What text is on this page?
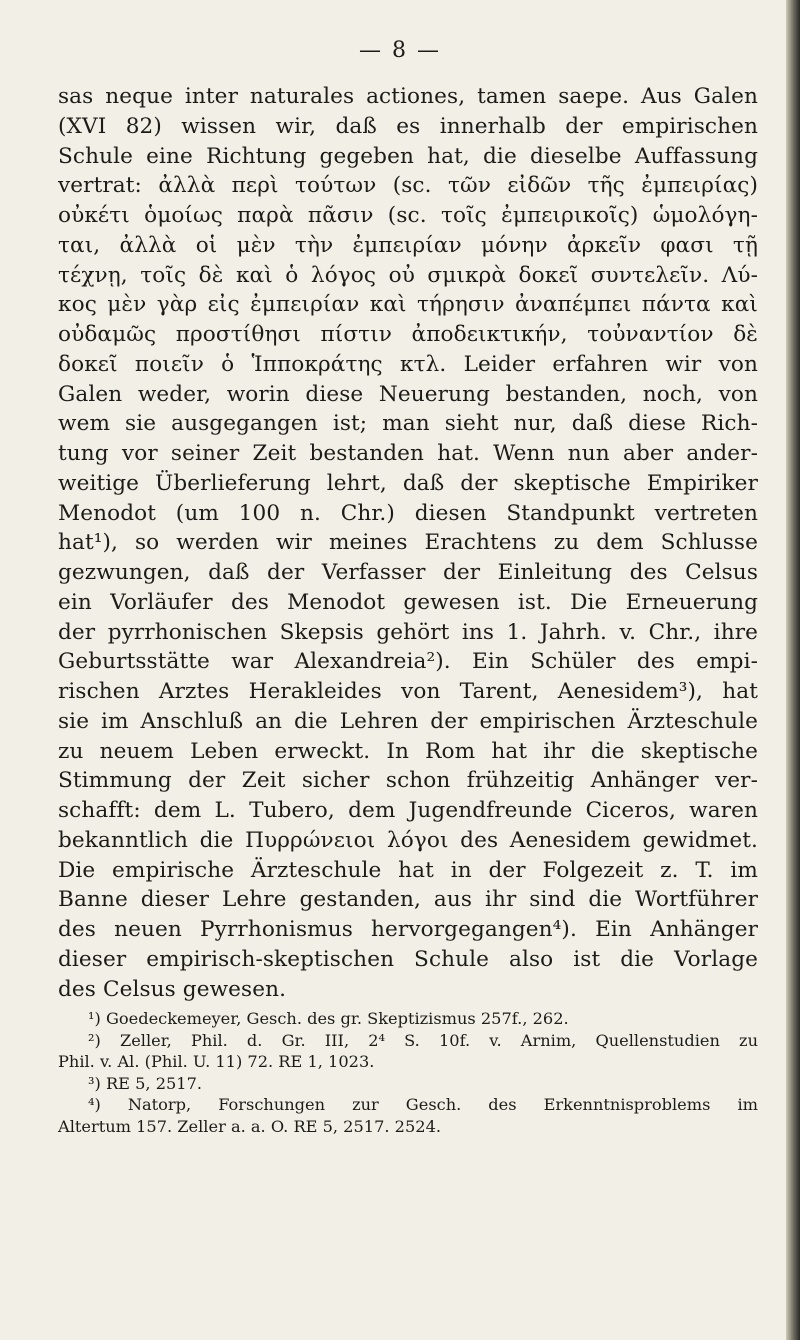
— 8 —
sas neque inter naturales actiones, tamen saepe. Aus Galen
(XVI 82) wissen wir, daß es innerhalb der empirischen
Schule eine Richtung gegeben hat, die dieselbe Auffassung
vertrat: ἀλλὰ περὶ τούτων (sc. τῶν εἰδῶν τῆς ἐμπειρίας)
οὐκέτι ὁμοίως παρὰ πᾶσιν (sc. τοῖς ἐμπειρικοῖς) ὡμολόγη-
ται, ἀλλὰ οἱ μὲν τὴν ἐμπειρίαν μόνην ἀρκεῖν φασι τῇ
τέχνῃ, τοῖς δὲ καὶ ὁ λόγος οὐ σμικρὰ δοκεῖ συντελεῖν. Λύ-
κος μὲν γὰρ εἰς ἐμπειρίαν καὶ τήρησιν ἀναπέμπει πάντα καὶ
οὐδαμῶς προστίθησι πίστιν ἀποδεικτικήν, τοὐναντίον δὲ
δοκεῖ ποιεῖν ὁ Ἱπποκράτης κτλ. Leider erfahren wir von
Galen weder, worin diese Neuerung bestanden, noch, von
wem sie ausgegangen ist; man sieht nur, daß diese Rich-
tung vor seiner Zeit bestanden hat. Wenn nun aber ander-
weitige Überlieferung lehrt, daß der skeptische Empiriker
Menodot (um 100 n. Chr.) diesen Standpunkt vertreten
hat¹), so werden wir meines Erachtens zu dem Schlusse
gezwungen, daß der Verfasser der Einleitung des Celsus
ein Vorläufer des Menodot gewesen ist. Die Erneuerung
der pyrrhonischen Skepsis gehört ins 1. Jahrh. v. Chr., ihre
Geburtsstätte war Alexandreia²). Ein Schüler des empi-
rischen Arztes Herakleides von Tarent, Aenesidem³), hat
sie im Anschluß an die Lehren der empirischen Ärzteschule
zu neuem Leben erweckt. In Rom hat ihr die skeptische
Stimmung der Zeit sicher schon frühzeitig Anhänger ver-
schafft: dem L. Tubero, dem Jugendfreunde Ciceros, waren
bekanntlich die Πυρρώνειοι λόγοι des Aenesidem gewidmet.
Die empirische Ärzteschule hat in der Folgezeit z. T. im
Banne dieser Lehre gestanden, aus ihr sind die Wortführer
des neuen Pyrrhonismus hervorgegangen⁴). Ein Anhänger
dieser empirisch-skeptischen Schule also ist die Vorlage
des Celsus gewesen.
¹) Goedeckemeyer, Gesch. des gr. Skeptizismus 257f., 262.
²) Zeller, Phil. d. Gr. III, 2⁴ S. 10f. v. Arnim, Quellenstudien zu
Phil. v. Al. (Phil. U. 11) 72. RE 1, 1023.
³) RE 5, 2517.
⁴) Natorp, Forschungen zur Gesch. des Erkenntnisproblems im
Altertum 157. Zeller a. a. O. RE 5, 2517. 2524.
